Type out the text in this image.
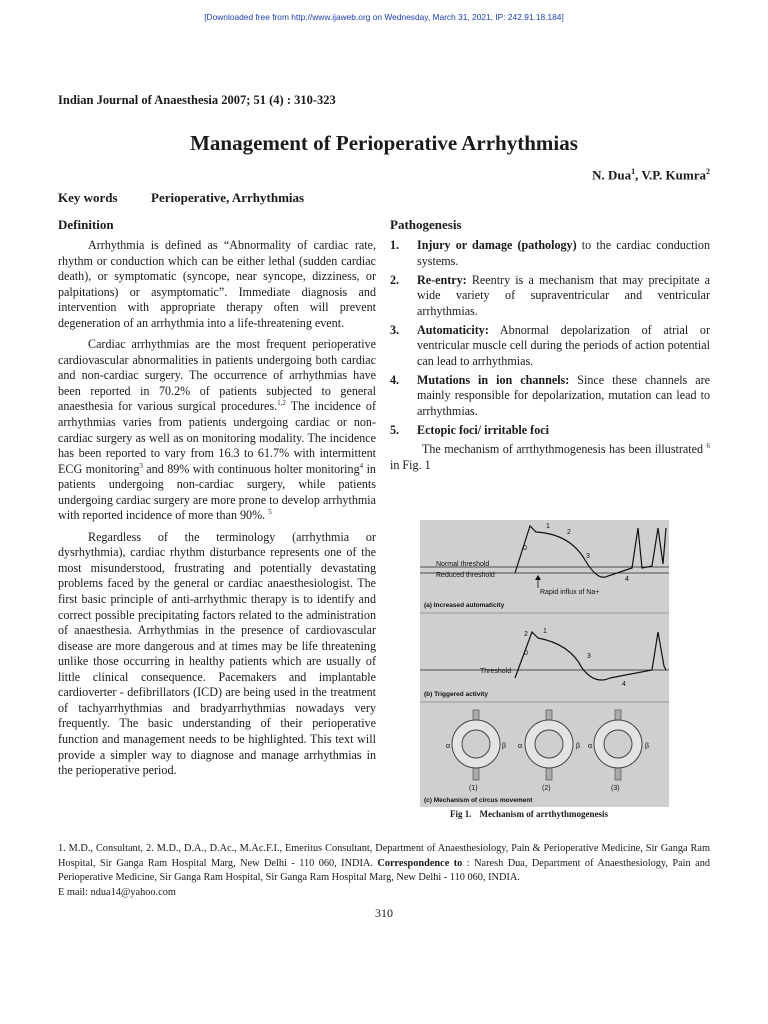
[Downloaded free from http://www.ijaweb.org on Wednesday, March 31, 2021, IP: 242.91.18.184]
Indian Journal of Anaesthesia 2007; 51 (4) : 310-323
Management of Perioperative Arrhythmias
N. Dua$^1$, V.P. Kumra$^2$
Key words	Perioperative, Arrhythmias
Definition

Arrhythmia is defined as “Abnormality of cardiac rate, rhythm or conduction which can be either lethal (sudden cardiac death), or symptomatic (syncope, near syncope, dizziness, or palpitations) or asymptomatic”. Immediate diagnosis and intervention with appropriate therapy often will prevent degeneration of an arrhythmia into a life-threatening event.

Cardiac arrhythmias are the most frequent perioperative cardiovascular abnormalities in patients undergoing both cardiac and non-cardiac surgery. The occurrence of arrhythmias have been reported in 70.2% of patients subjected to general anaesthesia for various surgical procedures.$^{1,2}$ The incidence of arrhythmias varies from patients undergoing cardiac or non-cardiac surgery as well as on monitoring modality. The incidence has been reported to vary from 16.3 to 61.7% with intermittent ECG monitoring$^3$ and 89% with continuous holter monitoring$^4$ in patients undergoing non-cardiac surgery, while patients undergoing cardiac surgery are more prone to develop arrhythmia with reported incidence of more than 90%. $^5$

Regardless of the terminology (arrhythmia or dysrhythmia), cardiac rhythm disturbance represents one of the most misunderstood, frustrating and potentially devastating problems faced by the general or cardiac anaesthesiologist. The first basic principle of anti-arrhythmic therapy is to identify and correct possible precipitating factors related to the administration of anaesthesia. Arrhythmias in the presence of cardiovascular disease are more dangerous and at times may be life threatening unlike those occurring in healthy patients which are usually of little clinical consequence. Pacemakers and implantable cardioverter - defibrillators (ICD) are being used in the treatment of tachyarrhythmias and bradyarrhythmias nowadays very frequently. The basic understanding of their perioperative function and management needs to be highlighted. This text will provide a simpler way to diagnose and manage arrhythmias in the perioperative period.

Pathogenesis
1. Injury or damage (pathology) to the cardiac conduction systems.
2. Re-entry: Reentry is a mechanism that may precipitate a wide variety of supraventricular and ventricular arrhythmias.
3. Automaticity: Abnormal depolarization of atrial or ventricular muscle cell during the periods of action potential can lead to arrhythmias.
4. Mutations in ion channels: Since these channels are mainly responsible for depolarization, mutation can lead to arrhythmias.
5. Ectopic foci/ irritable foci

The mechanism of arrthythmogenesis has been illustrated $^6$ in Fig. 1

Normal threshold
Reduced threshold
0
1
2
3
4
Rapid influx of Na+
(a) Increased automaticity
Threshold
0
1
2
3
4
(b) Triggered activity
α	β
(1)
α	β
(2)
α	β
(3)
(c) Mechanism of circus movement
Fig 1. Mechanism of arrthythmogenesis
1. M.D., Consultant, 2. M.D., D.A., D.Ac., M.Ac.F.I., Emeritus Consultant, Department of Anaesthesiology, Pain & Perioperative Medicine, Sir Ganga Ram Hospital, Sir Ganga Ram Hospital Marg, New Delhi - 110 060, INDIA. Correspondence to : Naresh Dua, Department of Anaesthesiology, Pain and Perioperative Medicine, Sir Ganga Ram Hospital, Sir Ganga Ram Hospital Marg, New Delhi - 110 060, INDIA.
E mail: ndua14@yahoo.com
310
